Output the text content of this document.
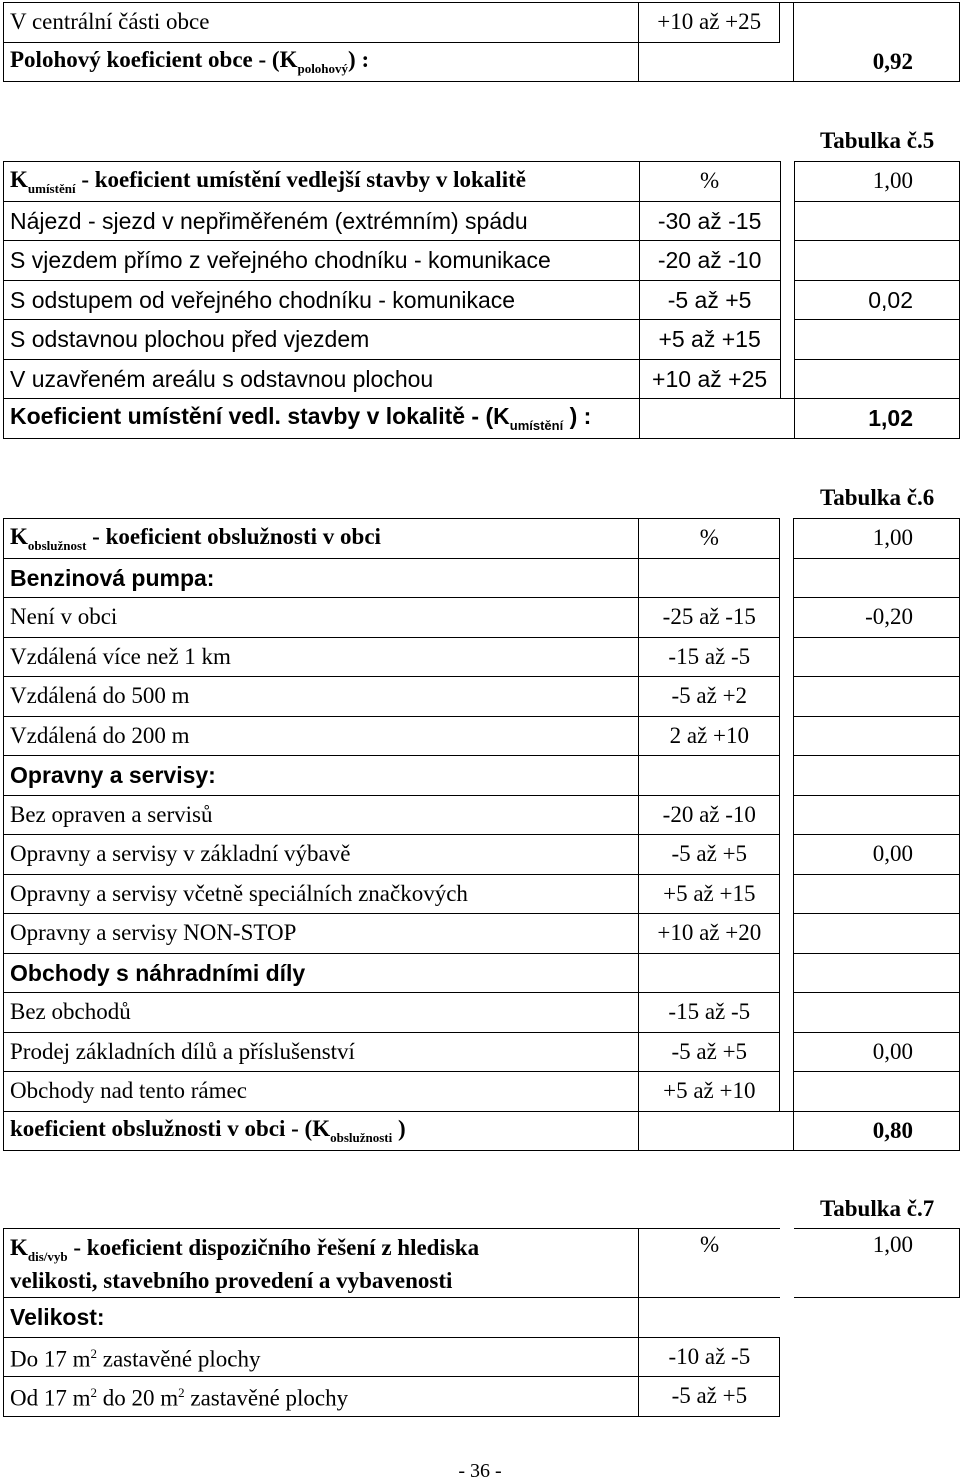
V centrální části obce	+10 až +25		
Polohový koeficient obce - $(K_{polohový})$ :			0,92
Tabulka č.5
$K_{umístění}$ - koeficient umístění vedlejší stavby v lokalitě	%		1,00
Nájezd - sjezd v nepřiměřeném (extrémním) spádu	-30 až -15		
S vjezdem přímo z veřejného chodníku - komunikace	-20 až -10		
S odstupem od veřejného chodníku - komunikace	-5 až +5		0,02
S odstavnou plochou před vjezdem	+5 až +15		
V uzavřeném areálu s odstavnou plochou	+10 až +25		
Koeficient umístění vedl. stavby v lokalitě - ($K_{umístění}$ ) :			1,02
Tabulka č.6
$K_{obslužnost}$ - koeficient obslužnosti v obci	%		1,00
Benzinová pumpa:			
Není v obci	-25 až -15		-0,20
Vzdálená více než 1 km	-15 až -5		
Vzdálená do 500 m	-5 až +2		
Vzdálená do 200 m	2 až +10		
Opravny a servisy:			
Bez opraven a servisů	-20 až -10		
Opravny a servisy v základní výbavě	-5 až +5		0,00
Opravny a servisy včetně speciálních značkových	+5 až +15		
Opravny a servisy NON-STOP	+10 až +20		
Obchody s náhradními díly			
Bez obchodů	-15 až -5		
Prodej základních dílů a příslušenství	-5 až +5		0,00
Obchody nad tento rámec	+5 až +10		
koeficient obslužnosti v obci - ($K_{obslužnosti}$ )			0,80
Tabulka č.7
$K_{dis/vyb}$ - koeficient dispozičního řešení z hlediska
velikosti, stavebního provedení a vybavenosti	%		1,00
Velikost:			
Do 17 $m^2$ zastavěné plochy	-10 až -5		
Od 17 $m^2$ do 20 $m^2$ zastavěné plochy	-5 až +5		
- 36 -
